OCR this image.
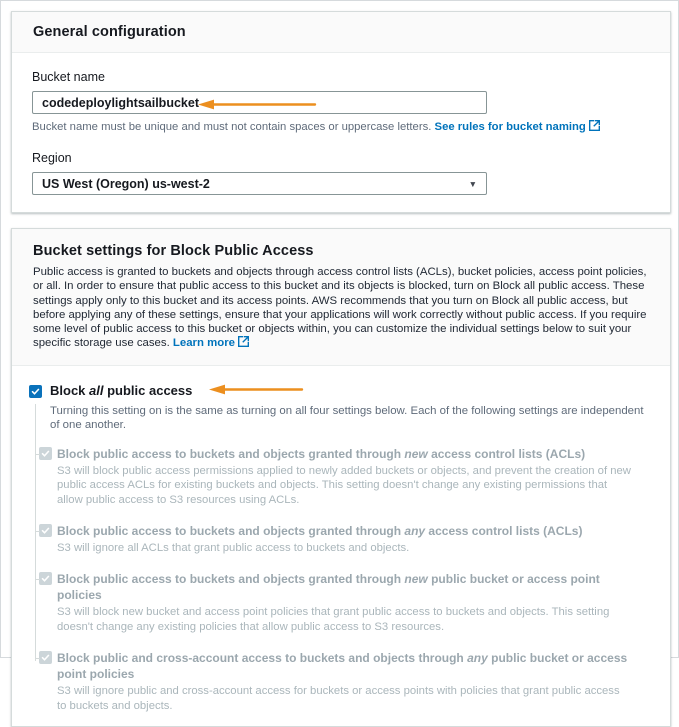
General configuration
Bucket name
codedeploylightsailbucket
Bucket name must be unique and must not contain spaces or uppercase letters. See rules for bucket naming
Region
US West (Oregon) us-west-2	▼
Bucket settings for Block Public Access

Public access is granted to buckets and objects through access control lists (ACLs), bucket policies, access point policies, or all. In order to ensure that public access to this bucket and its objects is blocked, turn on Block all public access. These settings apply only to this bucket and its access points. AWS recommends that you turn on Block all public access, but before applying any of these settings, ensure that your applications will work correctly without public access. If you require some level of public access to this bucket or objects within, you can customize the individual settings below to suit your specific storage use cases. Learn more

Block all public access
Turning this setting on is the same as turning on all four settings below. Each of the following settings are independent of one another.
Block public access to buckets and objects granted through new access control lists (ACLs)
S3 will block public access permissions applied to newly added buckets or objects, and prevent the creation of new public access ACLs for existing buckets and objects. This setting doesn't change any existing permissions that allow public access to S3 resources using ACLs.
Block public access to buckets and objects granted through any access control lists (ACLs)
S3 will ignore all ACLs that grant public access to buckets and objects.
Block public access to buckets and objects granted through new public bucket or access point policies
S3 will block new bucket and access point policies that grant public access to buckets and objects. This setting doesn't change any existing policies that allow public access to S3 resources.
Block public and cross-account access to buckets and objects through any public bucket or access point policies
S3 will ignore public and cross-account access for buckets or access points with policies that grant public access to buckets and objects.
